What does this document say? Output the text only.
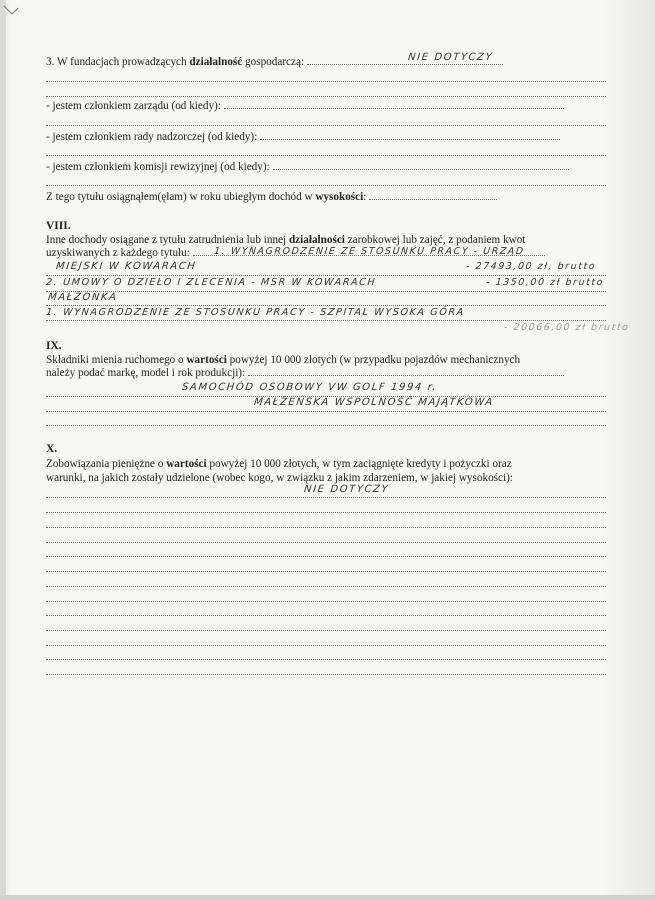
3. W fundacjach prowadzących działalność gospodarczą:	NIE DOTYCZY
- jestem członkiem zarządu (od kiedy):
- jestem członkiem rady nadzorczej (od kiedy):
- jestem członkiem komisji rewizyjnej (od kiedy):
Z tego tytułu osiągnąłem(ęłam) w roku ubiegłym dochód w wysokości:
VIII.
Inne dochody osiągane z tytułu zatrudnienia lub innej działalności zarobkowej lub zajęć, z podaniem kwot
uzyskiwanych z każdego tytułu:	1. WYNAGRODZENIE ZE STOSUNKU PRACY - URZĄD
MIEJSKI W KOWARACH	- 27493,00 zł, brutto
2. UMOWY O DZIEŁO I ZLECENIA - MSR W KOWARACH	- 1350,00 zł brutto
MAŁŻONKA
1. WYNAGRODZENIE ZE STOSUNKU PRACY - SZPITAL WYSOKA GÓRA
- 20066,00 zł brutto
IX.
Składniki mienia ruchomego o wartości powyżej 10 000 złotych (w przypadku pojazdów mechanicznych
należy podać markę, model i rok produkcji):
SAMOCHÓD OSOBOWY VW GOLF 1994 r.
MAŁŻEŃSKA WSPÓLNOŚĆ MAJĄTKOWA
X.
Zobowiązania pieniężne o wartości powyżej 10 000 złotych, w tym zaciągnięte kredyty i pożyczki oraz
warunki, na jakich zostały udzielone (wobec kogo, w związku z jakim zdarzeniem, w jakiej wysokości):
NIE DOTYCZY
